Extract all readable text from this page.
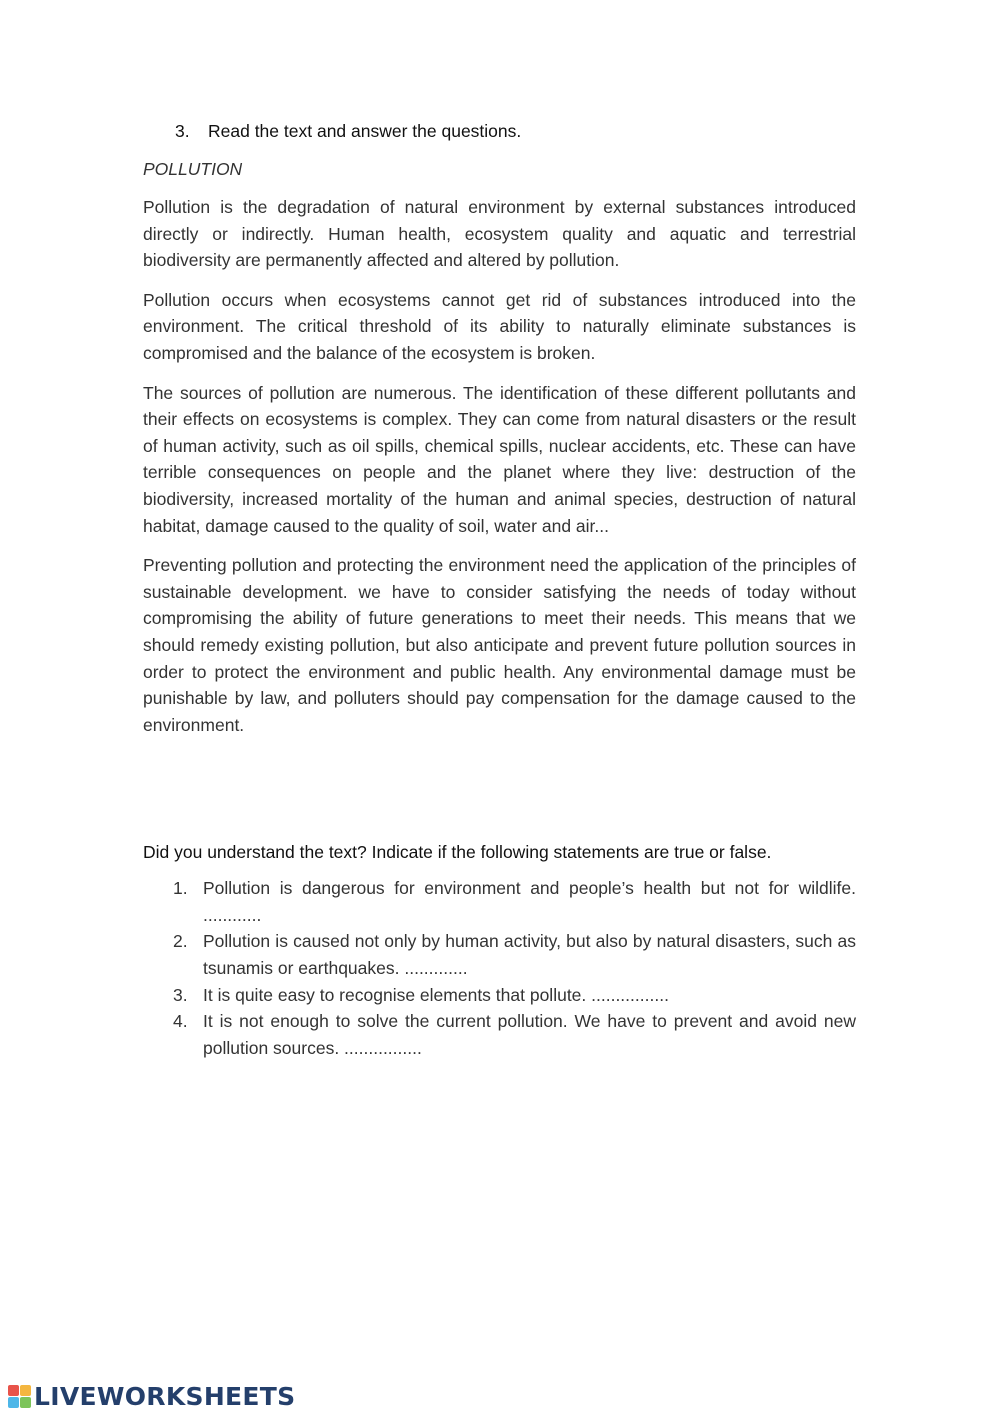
3. Read the text and answer the questions.
POLLUTION

Pollution is the degradation of natural environment by external substances introduced directly or indirectly. Human health, ecosystem quality and aquatic and terrestrial biodiversity are permanently affected and altered by pollution.

Pollution occurs when ecosystems cannot get rid of substances introduced into the environment. The critical threshold of its ability to naturally eliminate substances is compromised and the balance of the ecosystem is broken.

The sources of pollution are numerous. The identification of these different pollutants and their effects on ecosystems is complex. They can come from natural disasters or the result of human activity, such as oil spills, chemical spills, nuclear accidents, etc. These can have terrible consequences on people and the planet where they live: destruction of the biodiversity, increased mortality of the human and animal species, destruction of natural habitat, damage caused to the quality of soil, water and air...

Preventing pollution and protecting the environment need the application of the principles of sustainable development. we have to consider satisfying the needs of today without compromising the ability of future generations to meet their needs. This means that we should remedy existing pollution, but also anticipate and prevent future pollution sources in order to protect the environment and public health. Any environmental damage must be punishable by law, and polluters should pay compensation for the damage caused to the environment.

Did you understand the text? Indicate if the following statements are true or false.
1. Pollution is dangerous for environment and people’s health but not for wildlife. ............
2. Pollution is caused not only by human activity, but also by natural disasters, such as tsunamis or earthquakes. .............
3. It is quite easy to recognise elements that pollute. ................
4. It is not enough to solve the current pollution. We have to prevent and avoid new pollution sources. ................
LIVEWORKSHEETS
